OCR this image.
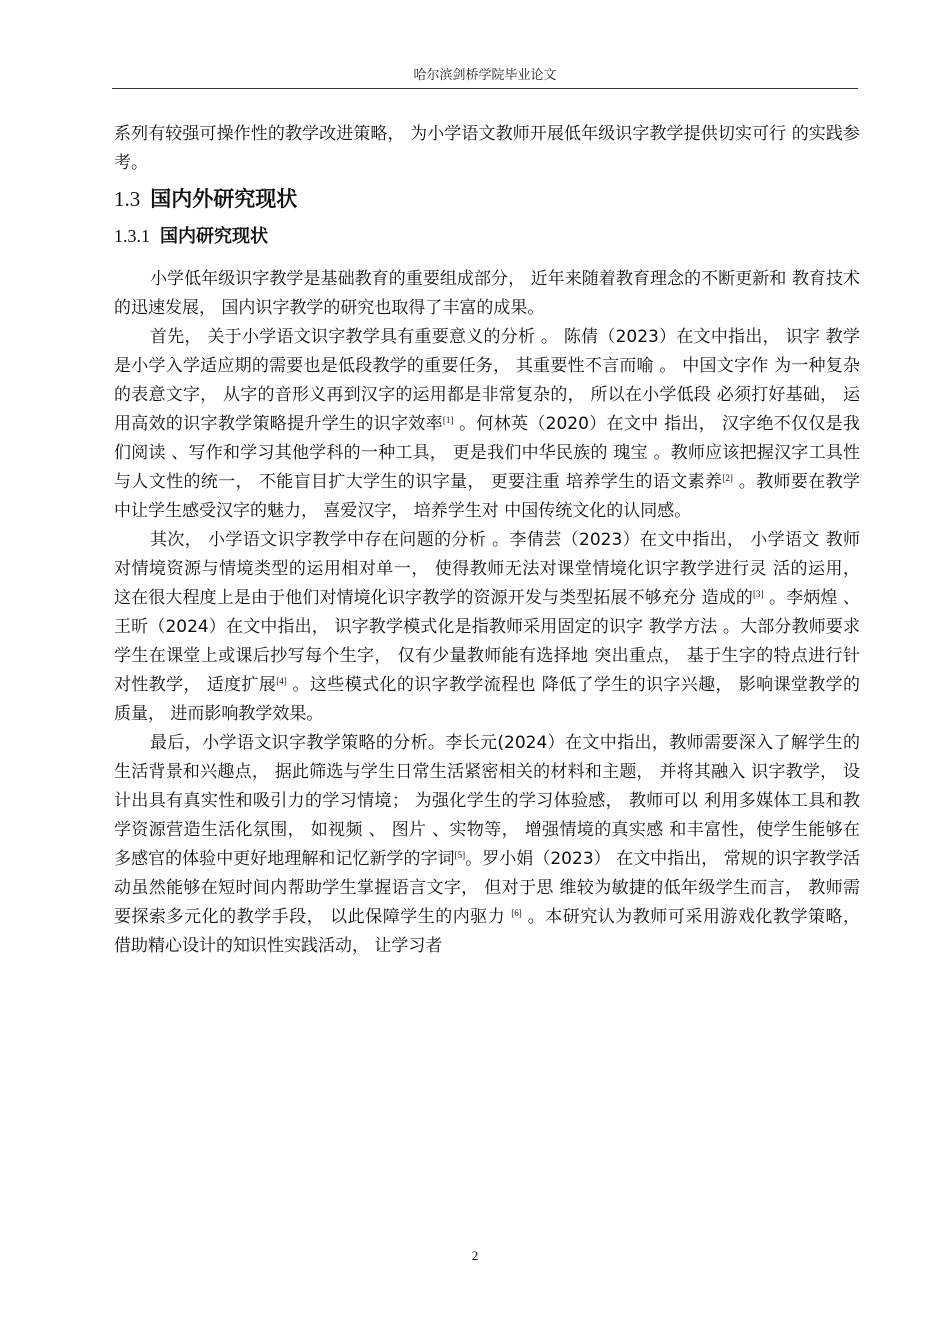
哈尔滨剑桥学院毕业论文

系列有较强可操作性的教学改进策略， 为小学语文教师开展低年级识字教学提供切实可行 的实践参考。

1.3 国内外研究现状
1.3.1 国内研究现状

小学低年级识字教学是基础教育的重要组成部分， 近年来随着教育理念的不断更新和 教育技术的迅速发展， 国内识字教学的研究也取得了丰富的成果。

首先， 关于小学语文识字教学具有重要意义的分析 。 陈倩（2023）在文中指出， 识字 教学是小学入学适应期的需要也是低段教学的重要任务， 其重要性不言而喻 。 中国文字作 为一种复杂的表意文字， 从字的音形义再到汉字的运用都是非常复杂的， 所以在小学低段 必须打好基础， 运用高效的识字教学策略提升学生的识字效率[1] 。何林英（2020）在文中 指出， 汉字绝不仅仅是我们阅读 、写作和学习其他学科的一种工具， 更是我们中华民族的 瑰宝 。教师应该把握汉字工具性与人文性的统一， 不能盲目扩大学生的识字量， 更要注重 培养学生的语文素养[2] 。教师要在教学中让学生感受汉字的魅力， 喜爱汉字， 培养学生对 中国传统文化的认同感。

其次， 小学语文识字教学中存在问题的分析 。李倩芸（2023）在文中指出， 小学语文 教师对情境资源与情境类型的运用相对单一， 使得教师无法对课堂情境化识字教学进行灵 活的运用， 这在很大程度上是由于他们对情境化识字教学的资源开发与类型拓展不够充分 造成的[3] 。李炳煌 、王昕（2024）在文中指出， 识字教学模式化是指教师采用固定的识字 教学方法 。大部分教师要求学生在课堂上或课后抄写每个生字， 仅有少量教师能有选择地 突出重点， 基于生字的特点进行针对性教学， 适度扩展[4] 。这些模式化的识字教学流程也 降低了学生的识字兴趣， 影响课堂教学的质量， 进而影响教学效果。

最后，小学语文识字教学策略的分析。李长元(2024）在文中指出，教师需要深入了解学生的生活背景和兴趣点， 据此筛选与学生日常生活紧密相关的材料和主题， 并将其融入 识字教学， 设计出具有真实性和吸引力的学习情境； 为强化学生的学习体验感， 教师可以 利用多媒体工具和教学资源营造生活化氛围， 如视频 、 图片 、实物等， 增强情境的真实感 和丰富性，使学生能够在多感官的体验中更好地理解和记忆新学的字词[5]。罗小娟（2023） 在文中指出， 常规的识字教学活动虽然能够在短时间内帮助学生掌握语言文字， 但对于思 维较为敏捷的低年级学生而言， 教师需要探索多元化的教学手段， 以此保障学生的内驱力 [6] 。本研究认为教师可采用游戏化教学策略， 借助精心设计的知识性实践活动， 让学习者

2
